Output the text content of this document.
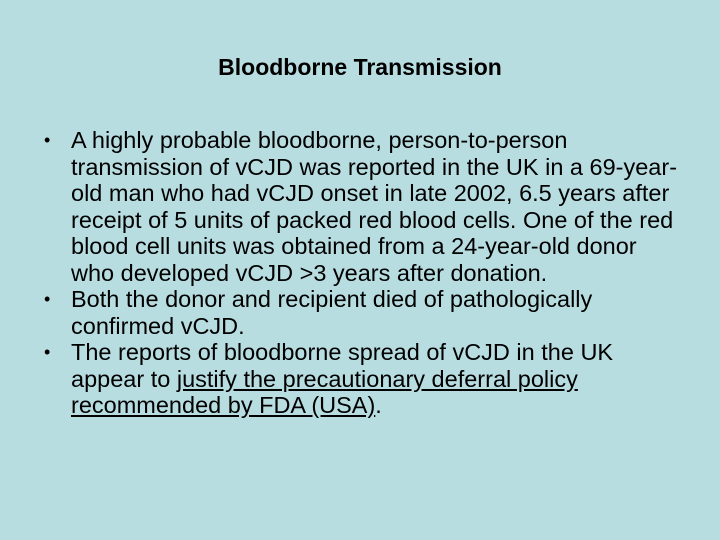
Bloodborne Transmission
• A highly probable bloodborne, person-to-person transmission of vCJD was reported in the UK in a 69-year-old man who had vCJD onset in late 2002, 6.5 years after receipt of 5 units of packed red blood cells. One of the red blood cell units was obtained from a 24-year-old donor who developed vCJD >3 years after donation.
• Both the donor and recipient died of pathologically confirmed vCJD.
• The reports of bloodborne spread of vCJD in the UK appear to justify the precautionary deferral policy recommended by FDA (USA).
